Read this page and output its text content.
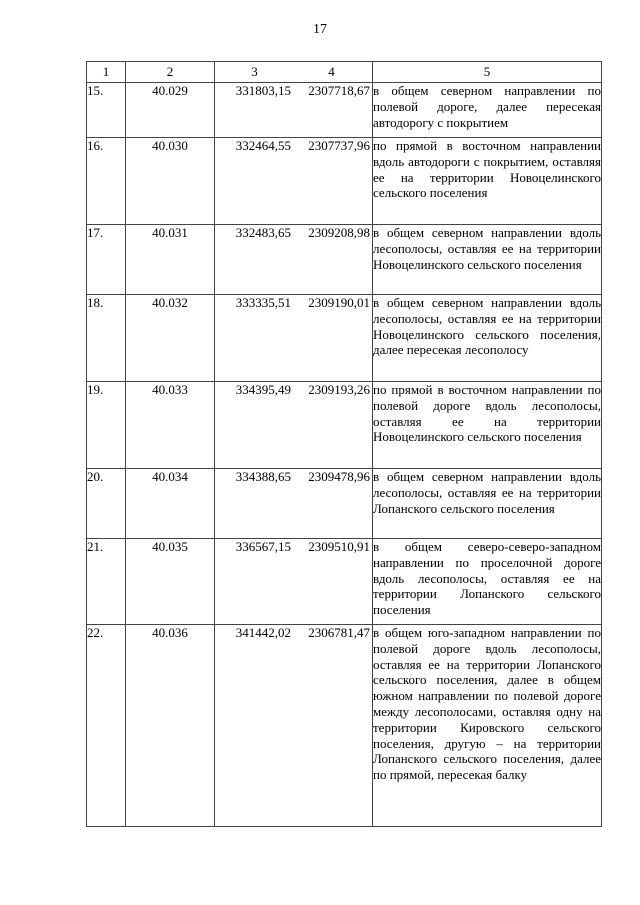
17
1	2	3 4	5
15.	40.029	331803,15 2307718,67	в общем северном направлении по полевой дороге, далее пересекая автодорогу с покрытием
16.	40.030	332464,55 2307737,96	по прямой в восточном направлении вдоль автодороги с покрытием, оставляя ее на территории Новоцелинского сельского поселения
17.	40.031	332483,65 2309208,98	в общем северном направлении вдоль лесополосы, оставляя ее на территории Новоцелинского сельского поселения
18.	40.032	333335,51 2309190,01	в общем северном направлении вдоль лесополосы, оставляя ее на территории Новоцелинского сельского поселения, далее пересекая лесополосу
19.	40.033	334395,49 2309193,26	по прямой в восточном направлении по полевой дороге вдоль лесополосы, оставляя ее на территории Новоцелинского сельского поселения
20.	40.034	334388,65 2309478,96	в общем северном направлении вдоль лесополосы, оставляя ее на территории Лопанского сельского поселения
21.	40.035	336567,15 2309510,91	в общем северо-северо-западном направлении по проселочной дороге вдоль лесополосы, оставляя ее на территории Лопанского сельского поселения
22.	40.036	341442,02 2306781,47	в общем юго-западном направлении по полевой дороге вдоль лесополосы, оставляя ее на территории Лопанского сельского поселения, далее в общем южном направлении по полевой дороге между лесополосами, оставляя одну на территории Кировского сельского поселения, другую – на территории Лопанского сельского поселения, далее по прямой, пересекая балку
